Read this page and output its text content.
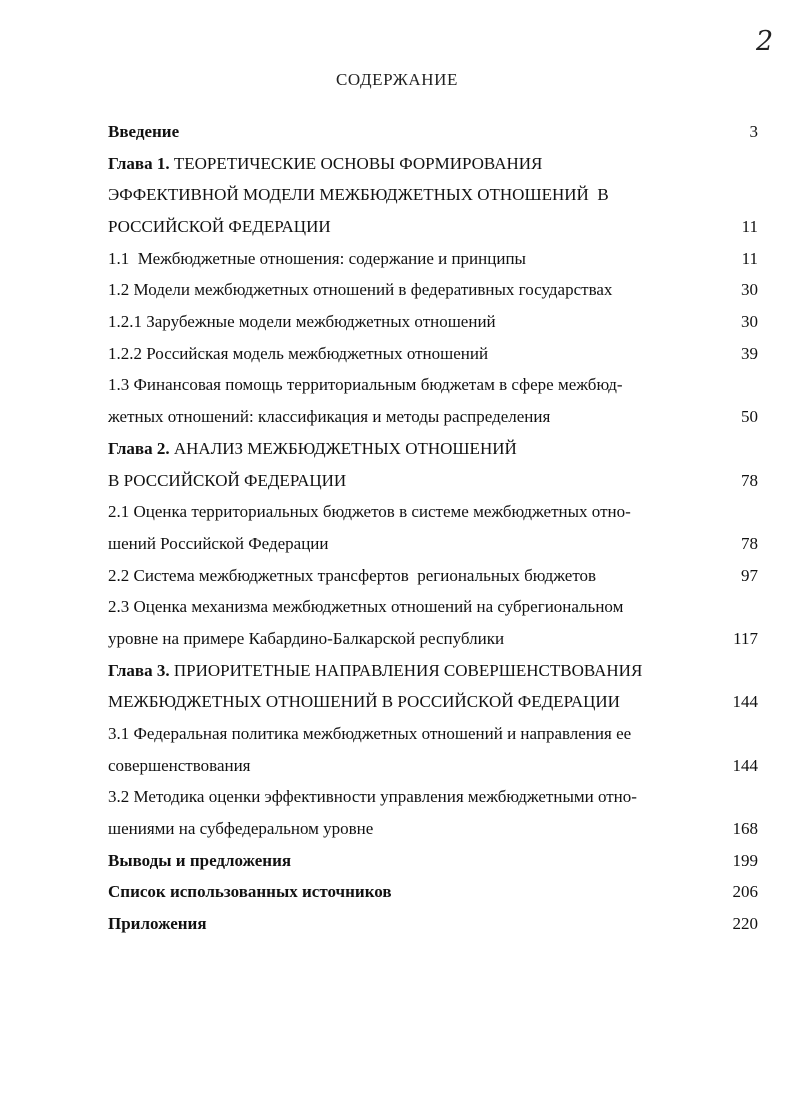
2
СОДЕРЖАНИЕ
Введение	3
Глава 1. ТЕОРЕТИЧЕСКИЕ ОСНОВЫ ФОРМИРОВАНИЯ
ЭФФЕКТИВНОЙ МОДЕЛИ МЕЖБЮДЖЕТНЫХ ОТНОШЕНИЙ  В
РОССИЙСКОЙ ФЕДЕРАЦИИ	11
1.1  Межбюджетные отношения: содержание и принципы	11
1.2 Модели межбюджетных отношений в федеративных государствах	30
1.2.1 Зарубежные модели межбюджетных отношений	30
1.2.2 Российская модель межбюджетных отношений	39
1.3 Финансовая помощь территориальным бюджетам в сфере межбюд-
жетных отношений: классификация и методы распределения	50
Глава 2. АНАЛИЗ МЕЖБЮДЖЕТНЫХ ОТНОШЕНИЙ
В РОССИЙСКОЙ ФЕДЕРАЦИИ	78
2.1 Оценка территориальных бюджетов в системе межбюджетных отно-
шений Российской Федерации	78
2.2 Система межбюджетных трансфертов  региональных бюджетов	97
2.3 Оценка механизма межбюджетных отношений на субрегиональном
уровне на примере Кабардино-Балкарской республики	117
Глава 3. ПРИОРИТЕТНЫЕ НАПРАВЛЕНИЯ СОВЕРШЕНСТВОВАНИЯ
МЕЖБЮДЖЕТНЫХ ОТНОШЕНИЙ В РОССИЙСКОЙ ФЕДЕРАЦИИ	144
3.1 Федеральная политика межбюджетных отношений и направления ее
совершенствования	144
3.2 Методика оценки эффективности управления межбюджетными отно-
шениями на субфедеральном уровне	168
Выводы и предложения	199
Список использованных источников	206
Приложения	220
